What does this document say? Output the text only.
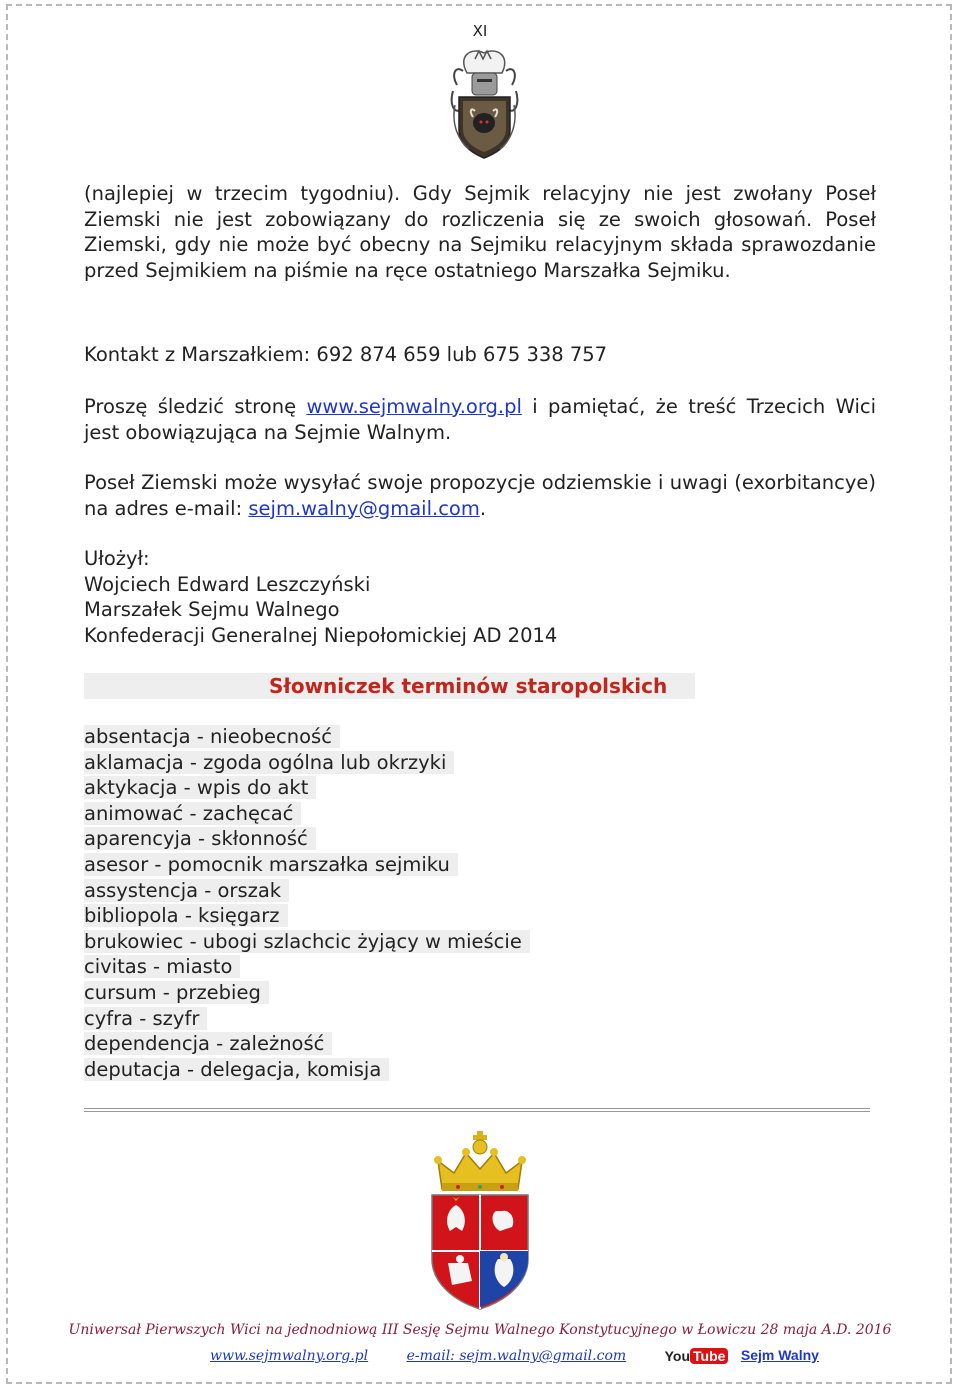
XI
(najlepiej w trzecim tygodniu). Gdy Sejmik relacyjny nie jest zwołany Poseł Ziemski nie jest zobowiązany do rozliczenia się ze swoich głosowań. Poseł Ziemski, gdy nie może być obecny na Sejmiku relacyjnym składa sprawozdanie przed Sejmikiem na piśmie na ręce ostatniego Marszałka Sejmiku.
Kontakt z Marszałkiem: 692 874 659 lub 675 338 757
Proszę śledzić stronę www.sejmwalny.org.pl i pamiętać, że treść Trzecich Wici jest obowiązująca na Sejmie Walnym.
Poseł Ziemski może wysyłać swoje propozycje odziemskie i uwagi (exorbitancye) na adres e-mail: sejm.walny@gmail.com.
Ułożył:
Wojciech Edward Leszczyński
Marszałek Sejmu Walnego
Konfederacji Generalnej Niepołomickiej AD 2014
Słowniczek terminów staropolskich
absentacja - nieobecność
aklamacja - zgoda ogólna lub okrzyki
aktykacja - wpis do akt
animować - zachęcać
aparencyja - skłonność
asesor - pomocnik marszałka sejmiku
assystencja - orszak
bibliopola - księgarz
brukowiec - ubogi szlachcic żyjący w mieście
civitas - miasto
cursum - przebieg
cyfra - szyfr
dependencja - zależność
deputacja - delegacja, komisja
Uniwersał Pierwszych Wici na jednodniową III Sesję Sejmu Walnego Konstytucyjnego w Łowiczu 28 maja A.D. 2016
www.sejmwalny.org.pl	e-mail: sejm.walny@gmail.com	You Tube Sejm Walny
